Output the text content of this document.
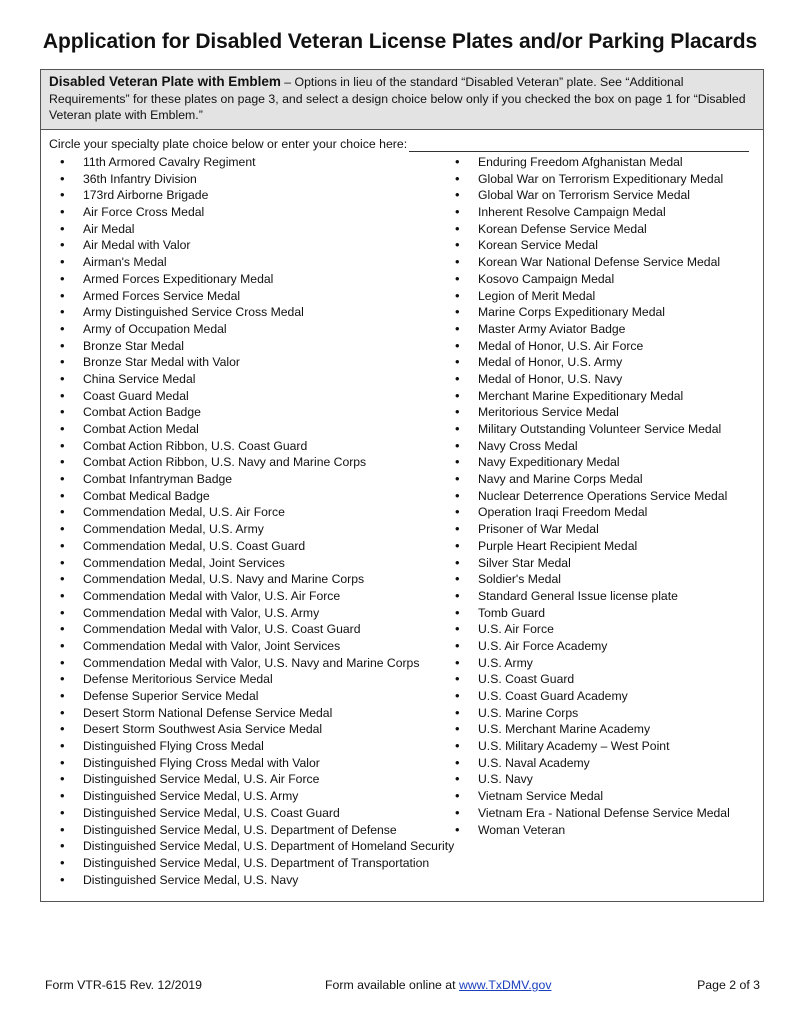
Application for Disabled Veteran License Plates and/or Parking Placards
Disabled Veteran Plate with Emblem – Options in lieu of the standard “Disabled Veteran” plate. See “Additional Requirements” for these plates on page 3, and select a design choice below only if you checked the box on page 1 for “Disabled Veteran plate with Emblem.”
Circle your specialty plate choice below or enter your choice here:
• 11th Armored Cavalry Regiment
• 36th Infantry Division
• 173rd Airborne Brigade
• Air Force Cross Medal
• Air Medal
• Air Medal with Valor
• Airman's Medal
• Armed Forces Expeditionary Medal
• Armed Forces Service Medal
• Army Distinguished Service Cross Medal
• Army of Occupation Medal
• Bronze Star Medal
• Bronze Star Medal with Valor
• China Service Medal
• Coast Guard Medal
• Combat Action Badge
• Combat Action Medal
• Combat Action Ribbon, U.S. Coast Guard
• Combat Action Ribbon, U.S. Navy and Marine Corps
• Combat Infantryman Badge
• Combat Medical Badge
• Commendation Medal, U.S. Air Force
• Commendation Medal, U.S. Army
• Commendation Medal, U.S. Coast Guard
• Commendation Medal, Joint Services
• Commendation Medal, U.S. Navy and Marine Corps
• Commendation Medal with Valor, U.S. Air Force
• Commendation Medal with Valor, U.S. Army
• Commendation Medal with Valor, U.S. Coast Guard
• Commendation Medal with Valor, Joint Services
• Commendation Medal with Valor, U.S. Navy and Marine Corps
• Defense Meritorious Service Medal
• Defense Superior Service Medal
• Desert Storm National Defense Service Medal
• Desert Storm Southwest Asia Service Medal
• Distinguished Flying Cross Medal
• Distinguished Flying Cross Medal with Valor
• Distinguished Service Medal, U.S. Air Force
• Distinguished Service Medal, U.S. Army
• Distinguished Service Medal, U.S. Coast Guard
• Distinguished Service Medal, U.S. Department of Defense
• Distinguished Service Medal, U.S. Department of Homeland Security
• Distinguished Service Medal, U.S. Department of Transportation
• Distinguished Service Medal, U.S. Navy
• Enduring Freedom Afghanistan Medal
• Global War on Terrorism Expeditionary Medal
• Global War on Terrorism Service Medal
• Inherent Resolve Campaign Medal
• Korean Defense Service Medal
• Korean Service Medal
• Korean War National Defense Service Medal
• Kosovo Campaign Medal
• Legion of Merit Medal
• Marine Corps Expeditionary Medal
• Master Army Aviator Badge
• Medal of Honor, U.S. Air Force
• Medal of Honor, U.S. Army
• Medal of Honor, U.S. Navy
• Merchant Marine Expeditionary Medal
• Meritorious Service Medal
• Military Outstanding Volunteer Service Medal
• Navy Cross Medal
• Navy Expeditionary Medal
• Navy and Marine Corps Medal
• Nuclear Deterrence Operations Service Medal
• Operation Iraqi Freedom Medal
• Prisoner of War Medal
• Purple Heart Recipient Medal
• Silver Star Medal
• Soldier's Medal
• Standard General Issue license plate
• Tomb Guard
• U.S. Air Force
• U.S. Air Force Academy
• U.S. Army
• U.S. Coast Guard
• U.S. Coast Guard Academy
• U.S. Marine Corps
• U.S. Merchant Marine Academy
• U.S. Military Academy – West Point
• U.S. Naval Academy
• U.S. Navy
• Vietnam Service Medal
• Vietnam Era - National Defense Service Medal
• Woman Veteran
Form VTR-615 Rev. 12/2019	Form available online at www.TxDMV.gov	Page 2 of 3
